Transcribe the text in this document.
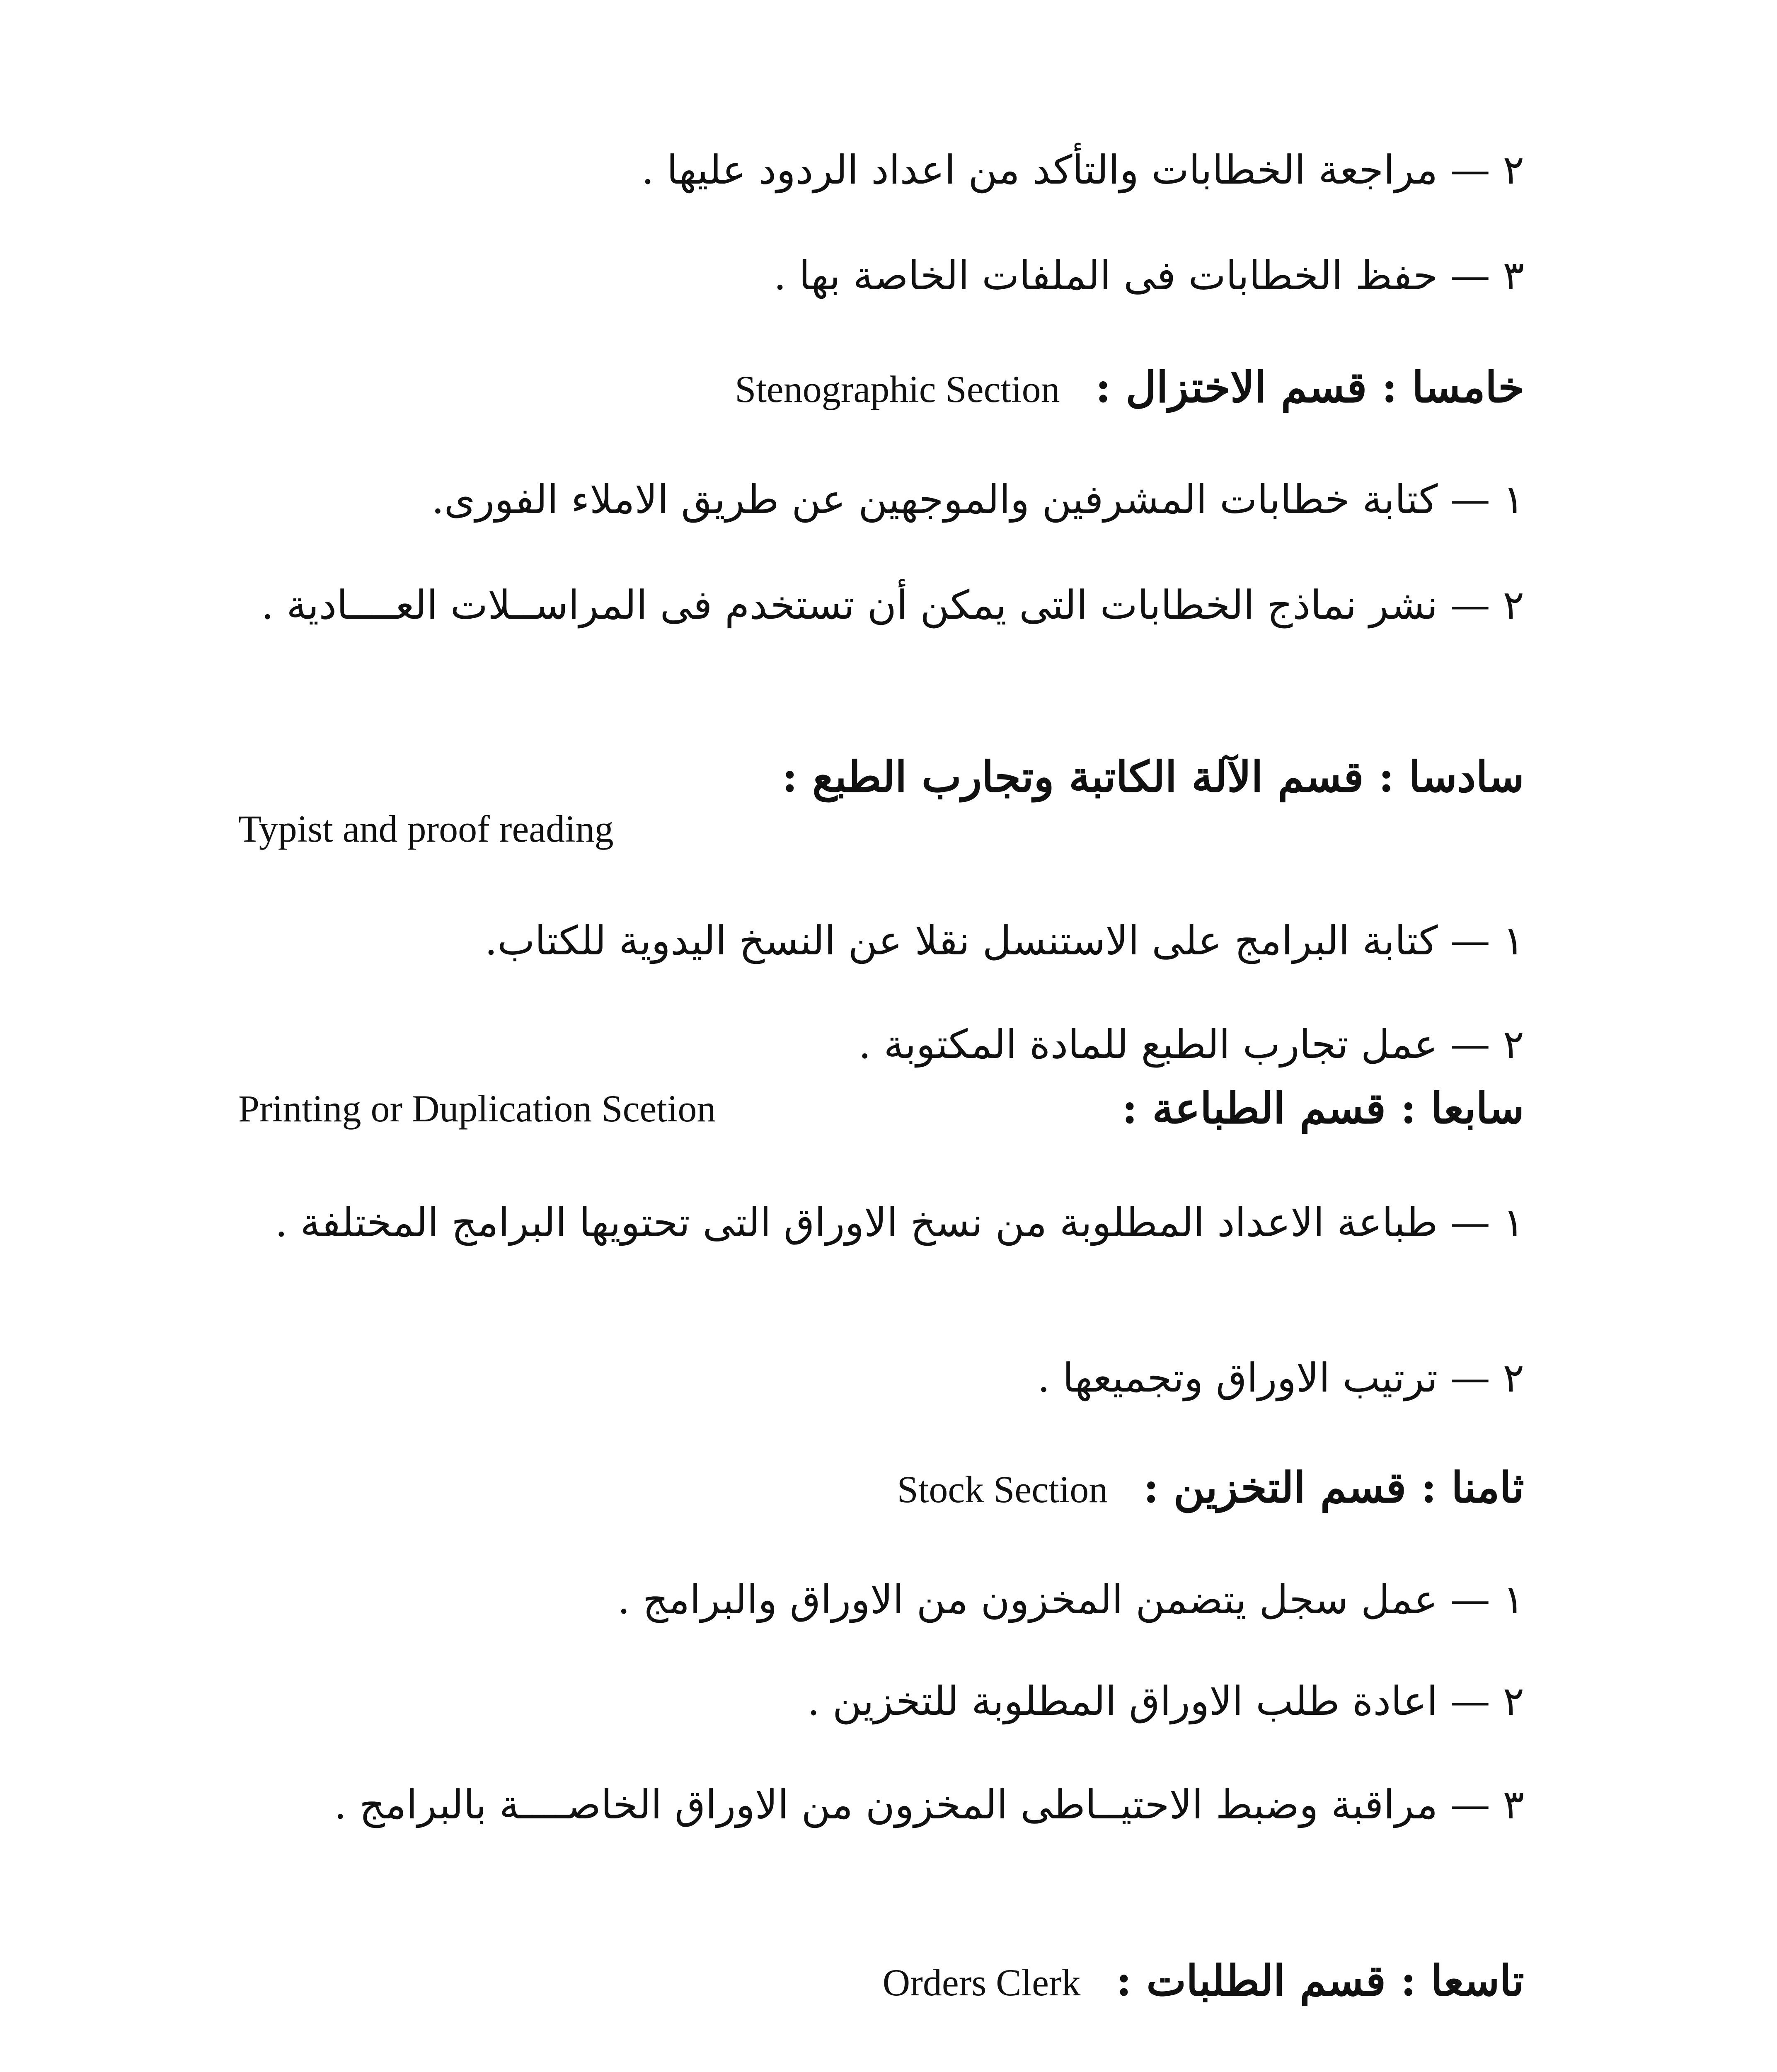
٢ — مراجعة الخطابات والتأكد من اعداد الردود عليها .
٣ — حفظ الخطابات فى الملفات الخاصة بها .
خامسا : قسم الاختزال : Stenographic Section
١ — كتابة خطابات المشرفين والموجهين عن طريق الاملاء الفورى.
٢ — نشر نماذج الخطابات التى يمكن أن تستخدم فى المراســلات العــــادية .
سادسا : قسم الآلة الكاتبة وتجارب الطبع :
Typist and proof reading
١ — كتابة البرامج على الاستنسل نقلا عن النسخ اليدوية للكتاب.
٢ — عمل تجارب الطبع للمادة المكتوبة .
سابعا : قسم الطباعة :
Printing or Duplication Scetion
١ — طباعة الاعداد المطلوبة من نسخ الاوراق التى تحتويها البرامج المختلفة .
٢ — ترتيب الاوراق وتجميعها .
ثامنا : قسم التخزين : Stock Section
١ — عمل سجل يتضمن المخزون من الاوراق والبرامج .
٢ — اعادة طلب الاوراق المطلوبة للتخزين .
٣ — مراقبة وضبط الاحتيــاطى المخزون من الاوراق الخاصــــة بالبرامج .
تاسعا : قسم الطلبات : Orders Clerk
